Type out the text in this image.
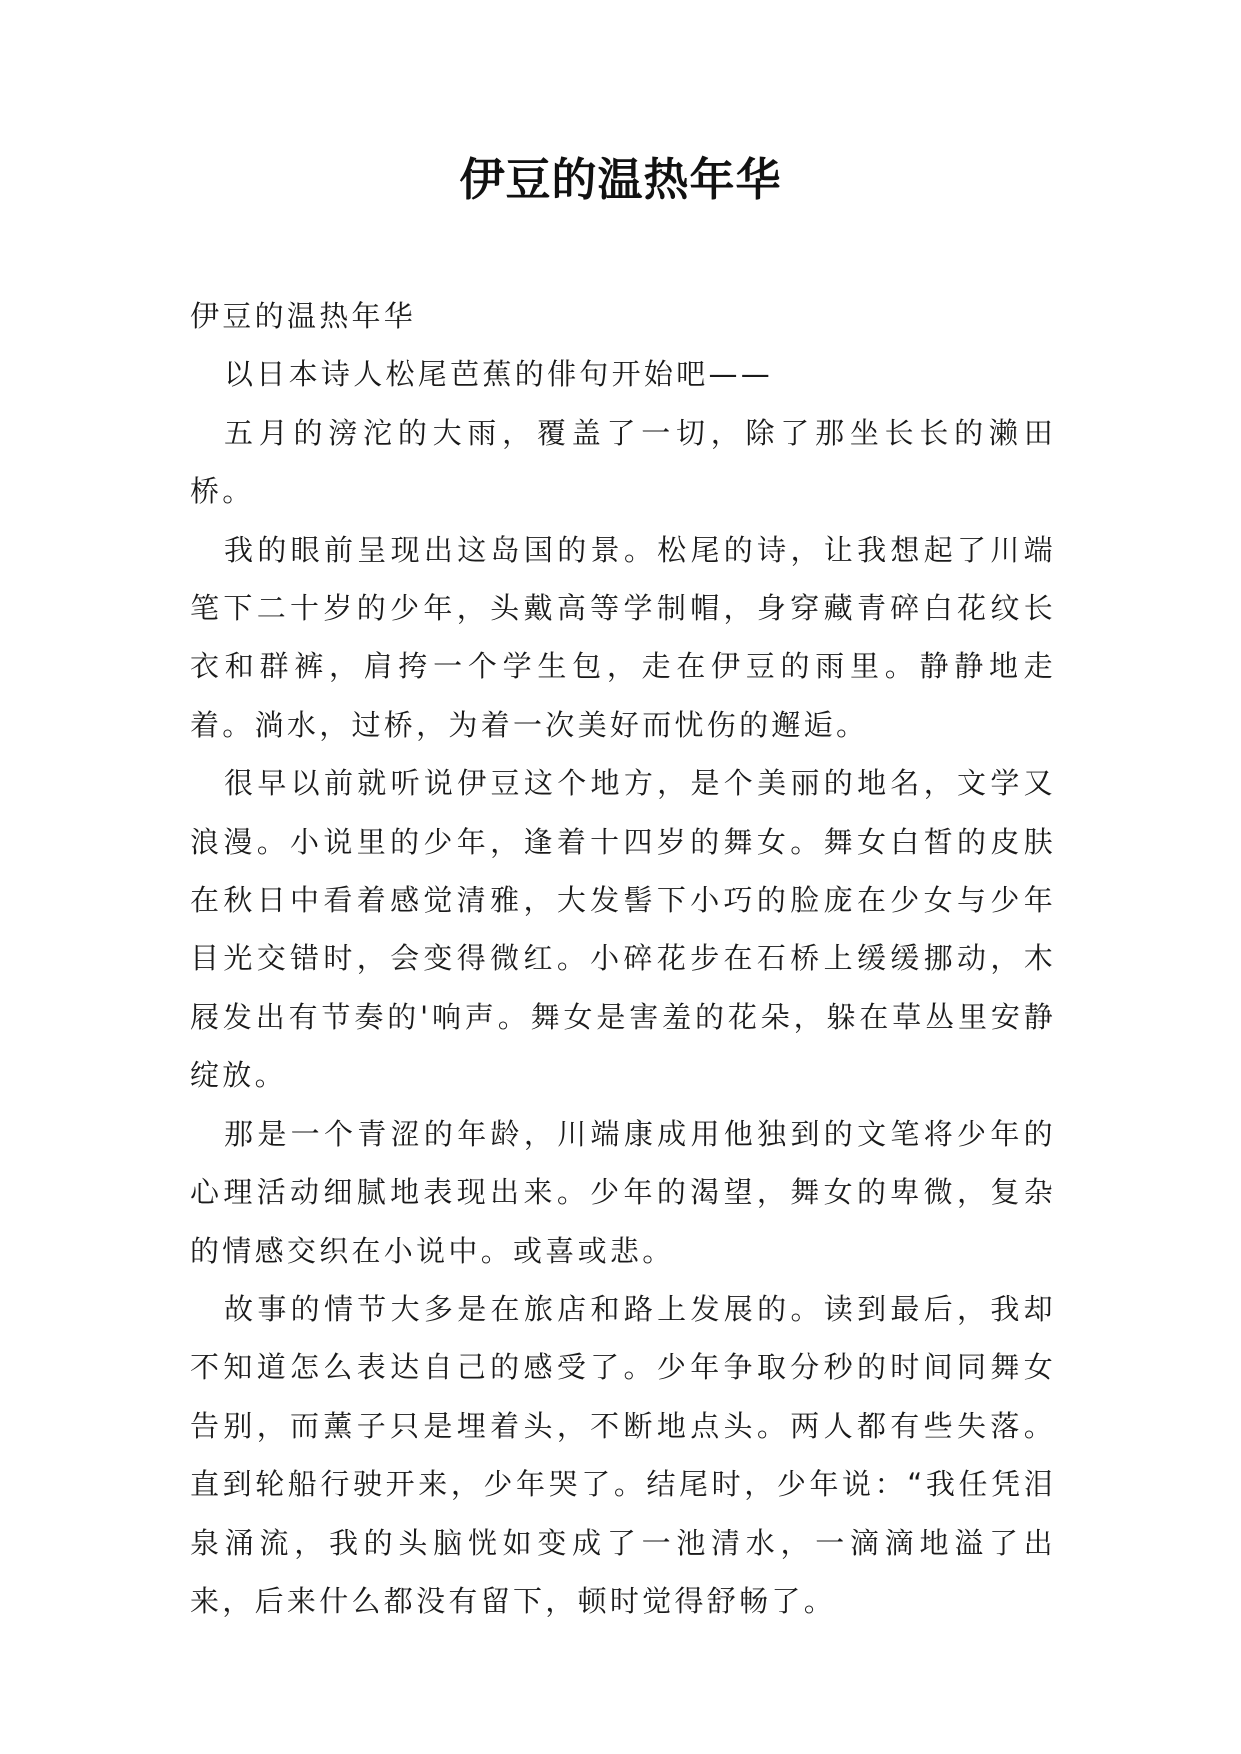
伊豆的温热年华

伊豆的温热年华

以日本诗人松尾芭蕉的俳句开始吧——

五月的滂沱的大雨，覆盖了一切，除了那坐长长的濑田桥。

我的眼前呈现出这岛国的景。松尾的诗，让我想起了川端笔下二十岁的少年，头戴高等学制帽，身穿藏青碎白花纹长衣和群裤，肩挎一个学生包，走在伊豆的雨里。静静地走着。淌水，过桥，为着一次美好而忧伤的邂逅。

很早以前就听说伊豆这个地方，是个美丽的地名，文学又浪漫。小说里的少年，逢着十四岁的舞女。舞女白皙的皮肤在秋日中看着感觉清雅，大发髻下小巧的脸庞在少女与少年目光交错时，会变得微红。小碎花步在石桥上缓缓挪动，木屐发出有节奏的'响声。舞女是害羞的花朵，躲在草丛里安静绽放。

那是一个青涩的年龄，川端康成用他独到的文笔将少年的心理活动细腻地表现出来。少年的渴望，舞女的卑微，复杂的情感交织在小说中。或喜或悲。

故事的情节大多是在旅店和路上发展的。读到最后，我却不知道怎么表达自己的感受了。少年争取分秒的时间同舞女告别，而薰子只是埋着头，不断地点头。两人都有些失落。直到轮船行驶开来，少年哭了。结尾时，少年说：“我任凭泪泉涌流，我的头脑恍如变成了一池清水，一滴滴地溢了出来，后来什么都没有留下，顿时觉得舒畅了。
